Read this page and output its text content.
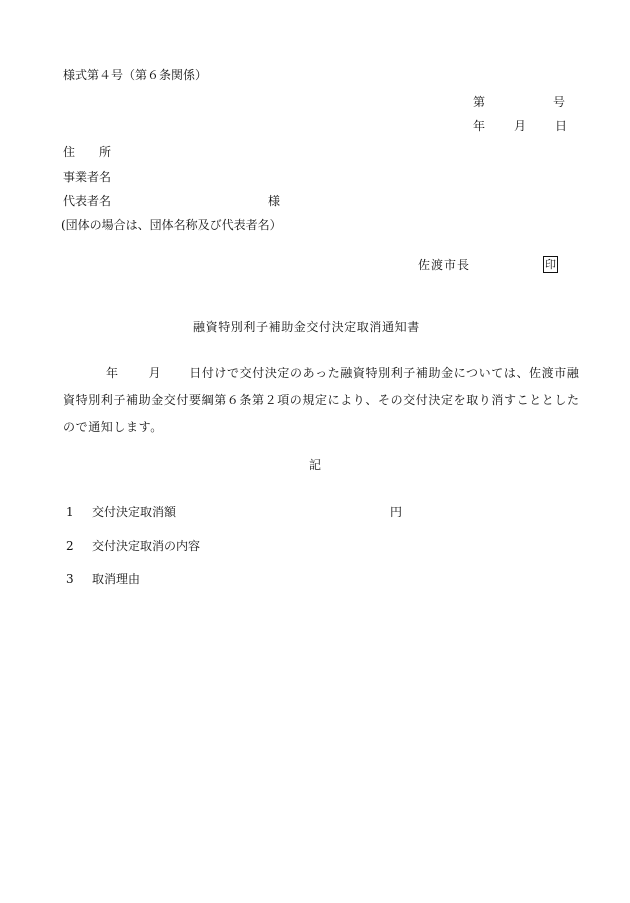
様式第４号（第６条関係）
第	号
年 月 日
住　　所
事業者名
代表者名	様
(団体の場合は、団体名称及び代表者名）
佐渡市長	印
融資特別利子補助金交付決定取消通知書
年	月 日付けで交付決定のあった融資特別利子補助金については、佐渡市融資特別利子補助金交付要綱第６条第２項の規定により、その交付決定を取り消すこととしたので通知します。
記
1 交付決定取消額	円
2 交付決定取消の内容
3 取消理由
